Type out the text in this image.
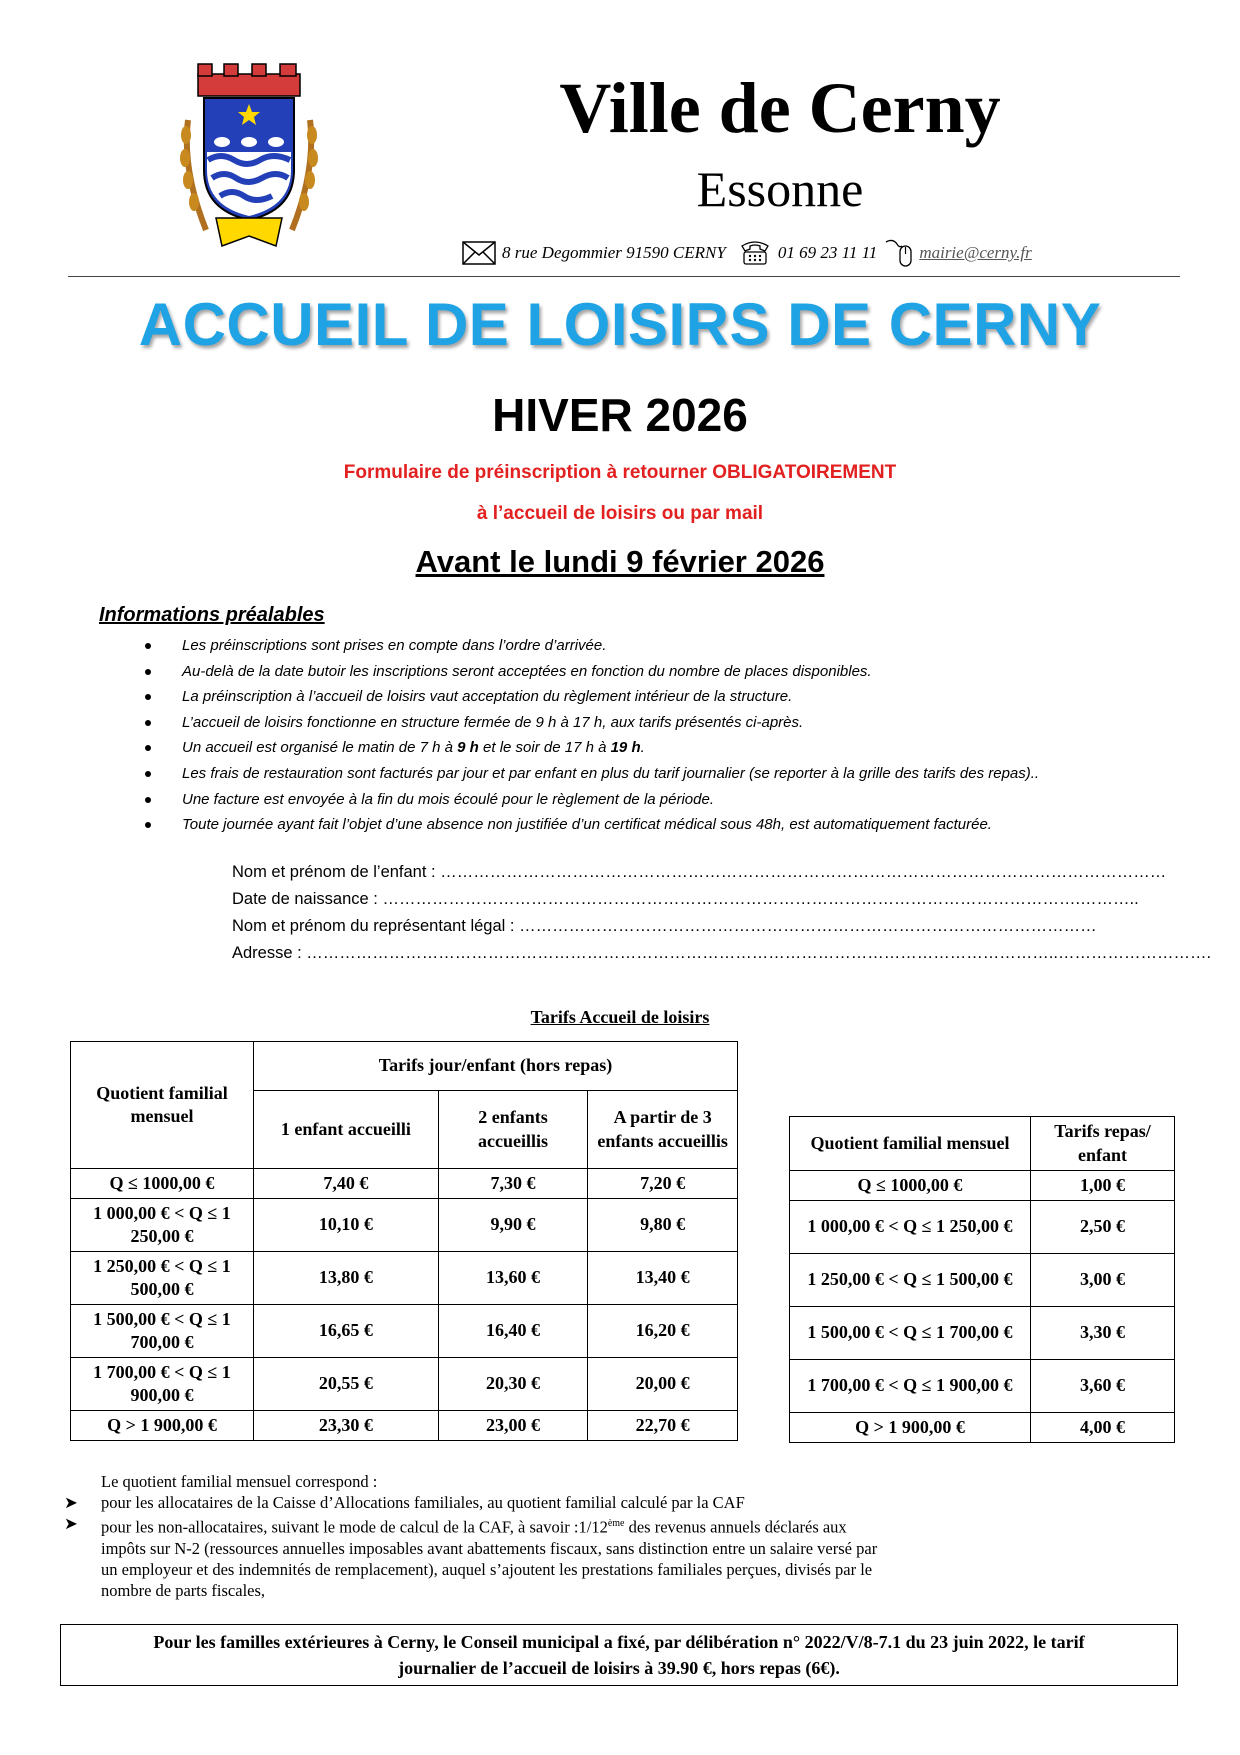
Ville de Cerny
Essonne
8 rue Degommier 91590 CERNY	01 69 23 11 11 mairie@cerny.fr
ACCUEIL DE LOISIRS DE CERNY
HIVER 2026
Formulaire de préinscription à retourner OBLIGATOIREMENT
à l’accueil de loisirs ou par mail
Avant le lundi 9 février 2026
Informations préalables
Les préinscriptions sont prises en compte dans l’ordre d’arrivée.
Au-delà de la date butoir les inscriptions seront acceptées en fonction du nombre de places disponibles.
La préinscription à l’accueil de loisirs vaut acceptation du règlement intérieur de la structure.
L’accueil de loisirs fonctionne en structure fermée de 9 h à 17 h, aux tarifs présentés ci-après.
Un accueil est organisé le matin de 7 h à 9 h et le soir de 17 h à 19 h.
Les frais de restauration sont facturés par jour et par enfant en plus du tarif journalier (se reporter à la grille des tarifs des repas)..
Une facture est envoyée à la fin du mois écoulé pour le règlement de la période.
Toute journée ayant fait l’objet d’une absence non justifiée d’un certificat médical sous 48h, est automatiquement facturée.
Nom et prénom de l’enfant : ……………………………………………………………………………………………………………………
Date de naissance : ……………………………………………………………………………………………………………….………..
Nom et prénom du représentant légal : ……………………………………………………………………………………………
Adresse : ………………………………………………………………………………………………………………………..……………………….
Tarifs Accueil de loisirs
Quotient familial mensuel	Tarifs jour/enfant (hors repas)		
	1 enfant accueilli	2 enfants accueillis	A partir de 3 enfants accueillis
Q ≤ 1000,00 €	7,40 €	7,30 €	7,20 €
1 000,00 € < Q ≤ 1 250,00 €	10,10 €	9,90 €	9,80 €
1 250,00 € < Q ≤ 1 500,00 €	13,80 €	13,60 €	13,40 €
1 500,00 € < Q ≤ 1 700,00 €	16,65 €	16,40 €	16,20 €
1 700,00 € < Q ≤ 1 900,00 €	20,55 €	20,30 €	20,00 €
Q > 1 900,00 €	23,30 €	23,00 €	22,70 €
Quotient familial mensuel	Tarifs repas/ enfant
Q ≤ 1000,00 €	1,00 €
1 000,00 € < Q ≤ 1 250,00 €	2,50 €
1 250,00 € < Q ≤ 1 500,00 €	3,00 €
1 500,00 € < Q ≤ 1 700,00 €	3,30 €
1 700,00 € < Q ≤ 1 900,00 €	3,60 €
Q > 1 900,00 €	4,00 €
Le quotient familial mensuel correspond :
➤ pour les allocataires de la Caisse d’Allocations familiales, au quotient familial calculé par la CAF
➤ pour les non-allocataires, suivant le mode de calcul de la CAF, à savoir :1/12ème des revenus annuels déclarés aux
impôts sur N-2 (ressources annuelles imposables avant abattements fiscaux, sans distinction entre un salaire versé par
un employeur et des indemnités de remplacement), auquel s’ajoutent les prestations familiales perçues, divisés par le
nombre de parts fiscales,
Pour les familles extérieures à Cerny, le Conseil municipal a fixé, par délibération n° 2022/V/8-7.1 du 23 juin 2022, le tarif
journalier de l’accueil de loisirs à 39.90 €, hors repas (6€).
